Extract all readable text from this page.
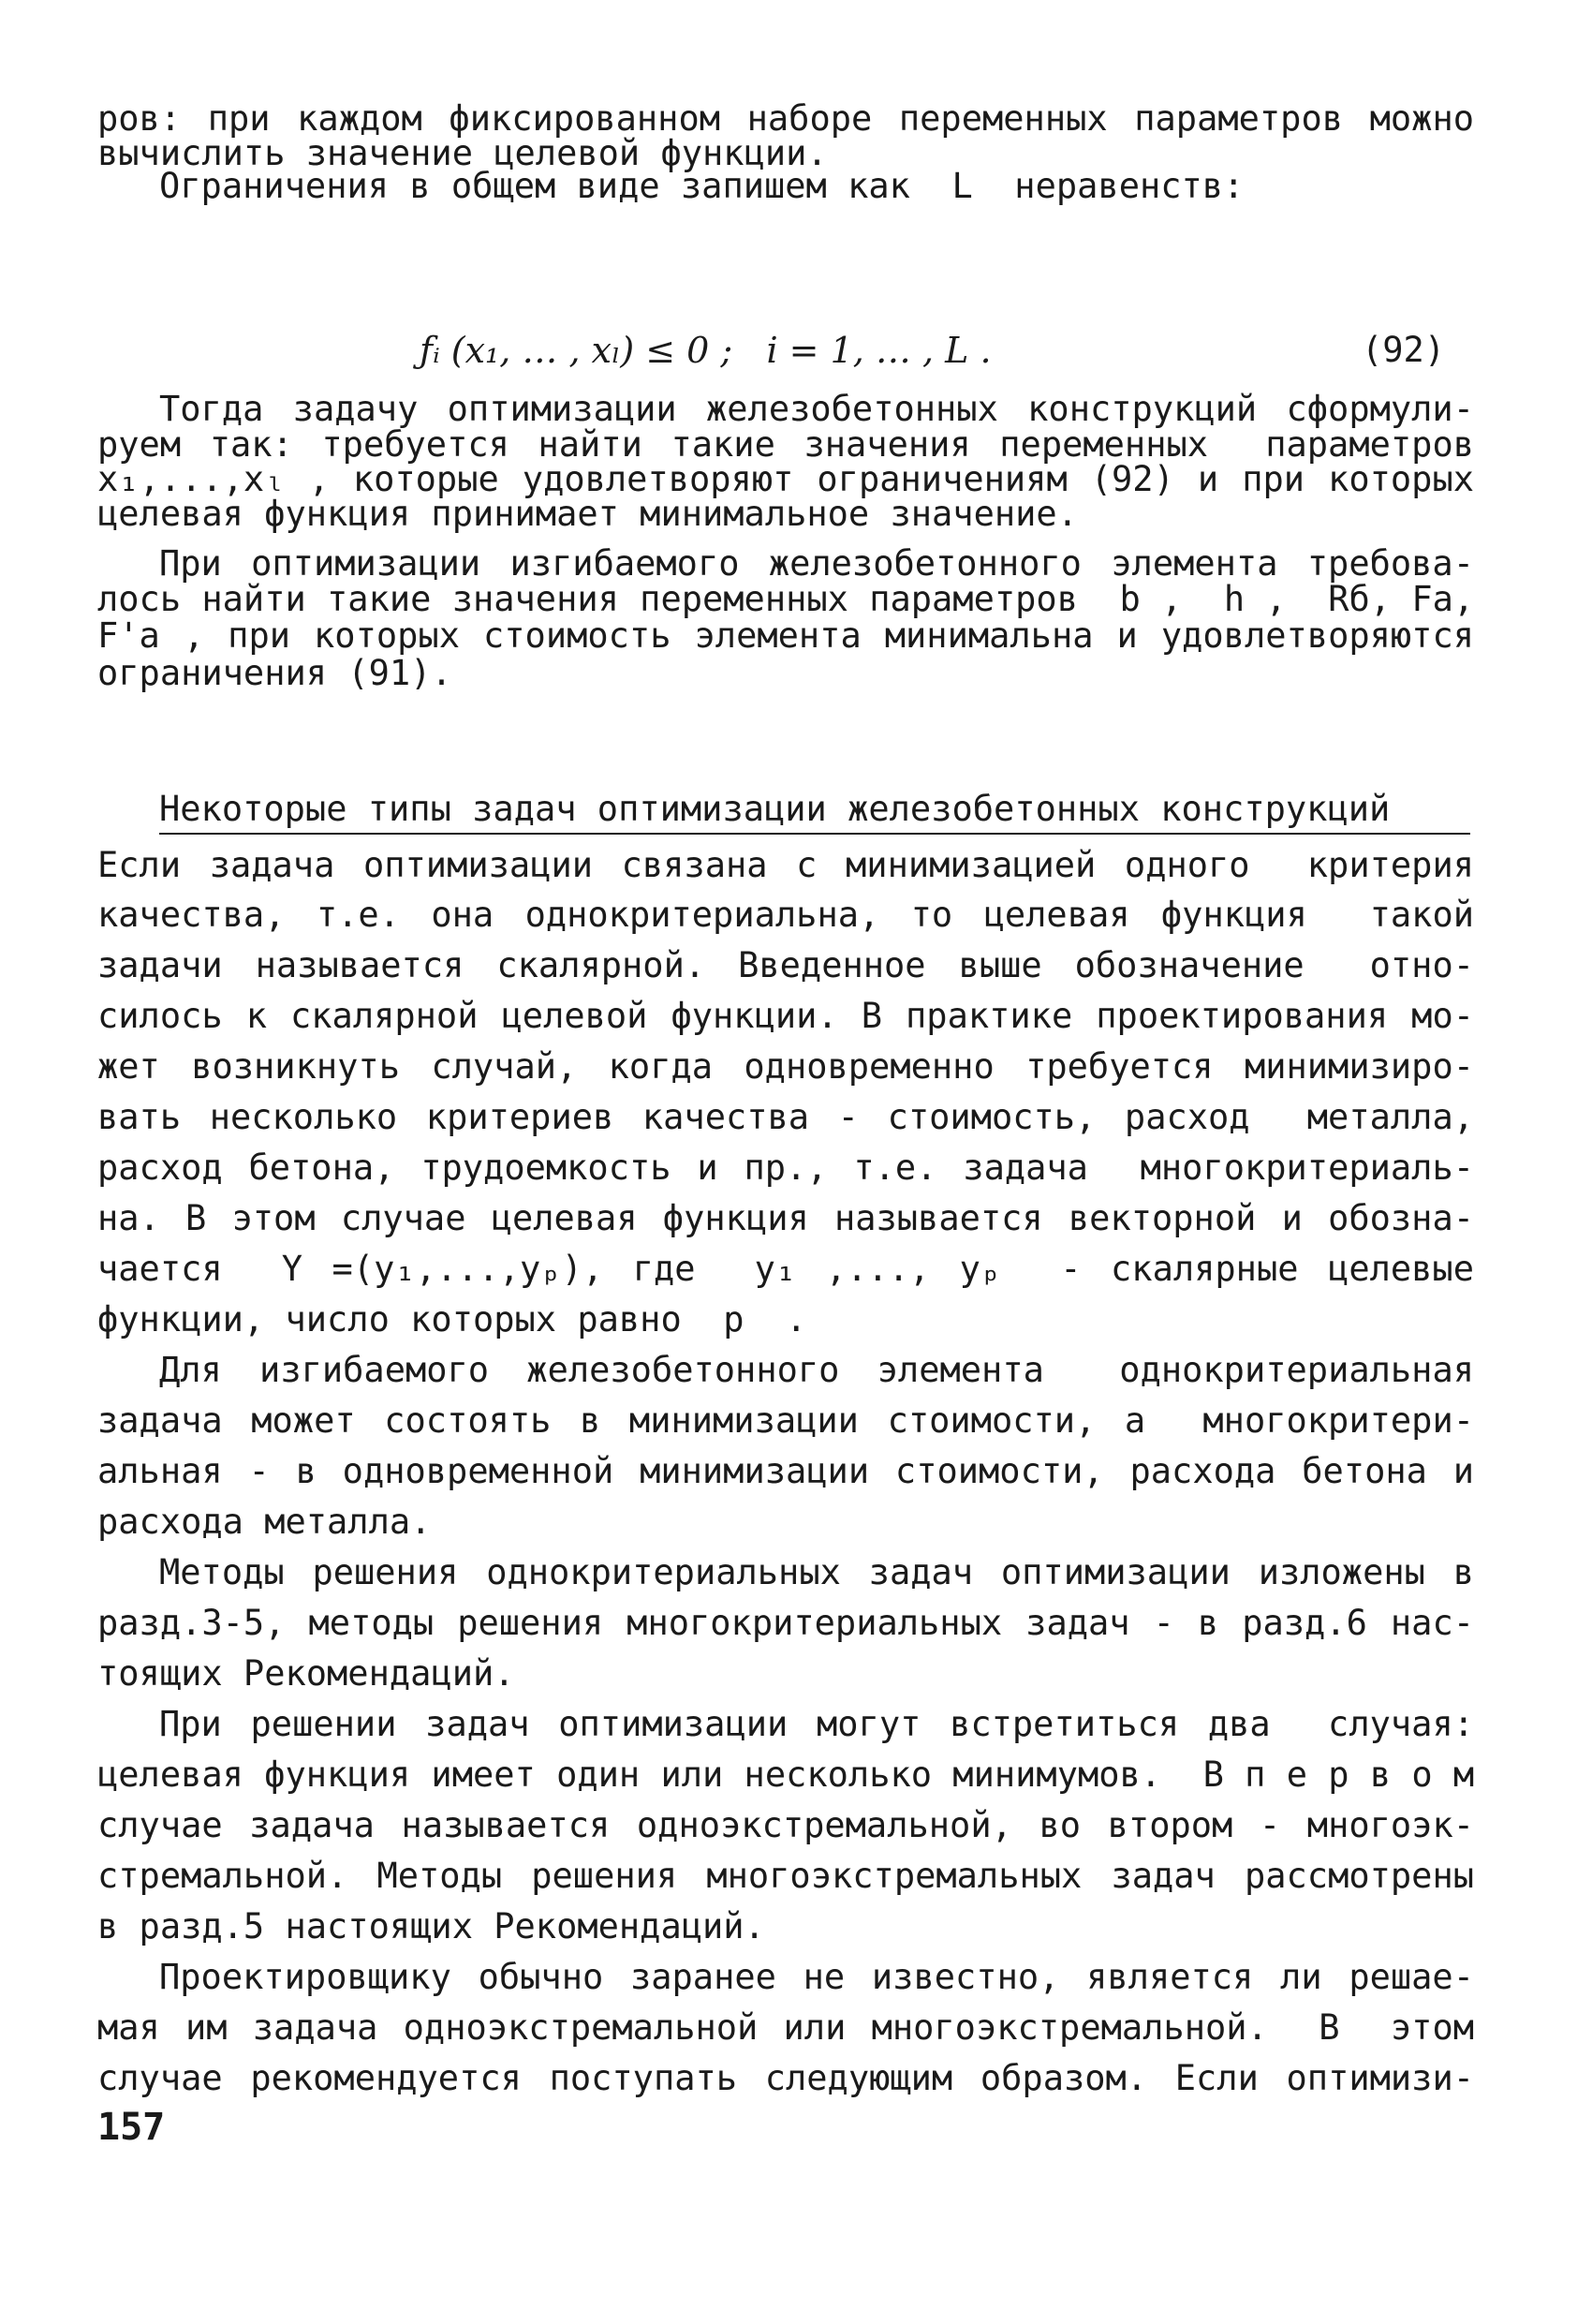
ров: при каждом фиксированном наборе переменных параметров можно
вычислить значение целевой функции.
Ограничения в общем виде запишем как  L  неравенств:
ƒᵢ (x₁, … , xₗ) ≤ 0 ;   i = 1, … , L .	(92)
Тогда задачу оптимизации железобетонных конструкций сформули-
руем так: требуется найти такие значения переменных  параметров
x₁,...,xₗ , которые удовлетворяют ограничениям (92) и при которых
целевая функция принимает минимальное значение.
При оптимизации изгибаемого железобетонного элемента требова-
лось найти такие значения переменных параметров  b ,  h ,  Rб, Fa,
F'a , при которых стоимость элемента минимальна и удовлетворяются
ограничения (91).
Некоторые типы задач оптимизации железобетонных конструкций
Если задача оптимизации связана с минимизацией одного  критерия
качества, т.е. она однокритериальна, то целевая функция  такой
задачи называется скалярной. Введенное выше обозначение  отно-
силось к скалярной целевой функции. В практике проектирования мо-
жет возникнуть случай, когда одновременно требуется минимизиро-
вать несколько критериев качества - стоимость, расход  металла,
расход бетона, трудоемкость и пр., т.е. задача  многокритериаль-
на. В этом случае целевая функция называется векторной и обозна-
чается  Y =(y₁,...,yₚ), где  y₁ ,..., yₚ  - скалярные целевые
функции, число которых равно  p  .
Для изгибаемого железобетонного элемента  однокритериальная
задача может состоять в минимизации стоимости, а  многокритери-
альная - в одновременной минимизации стоимости, расхода бетона и
расхода металла.
Методы решения однокритериальных задач оптимизации изложены в
разд.3-5, методы решения многокритериальных задач - в разд.6 нас-
тоящих Рекомендаций.
При решении задач оптимизации могут встретиться два  случая:
целевая функция имеет один или несколько минимумов.  В п е р в о м
случае задача называется одноэкстремальной, во втором - многоэк-
стремальной. Методы решения многоэкстремальных задач рассмотрены
в разд.5 настоящих Рекомендаций.
Проектировщику обычно заранее не известно, является ли решае-
мая им задача одноэкстремальной или многоэкстремальной.  В  этом
случае рекомендуется поступать следующим образом. Если оптимизи-
157
